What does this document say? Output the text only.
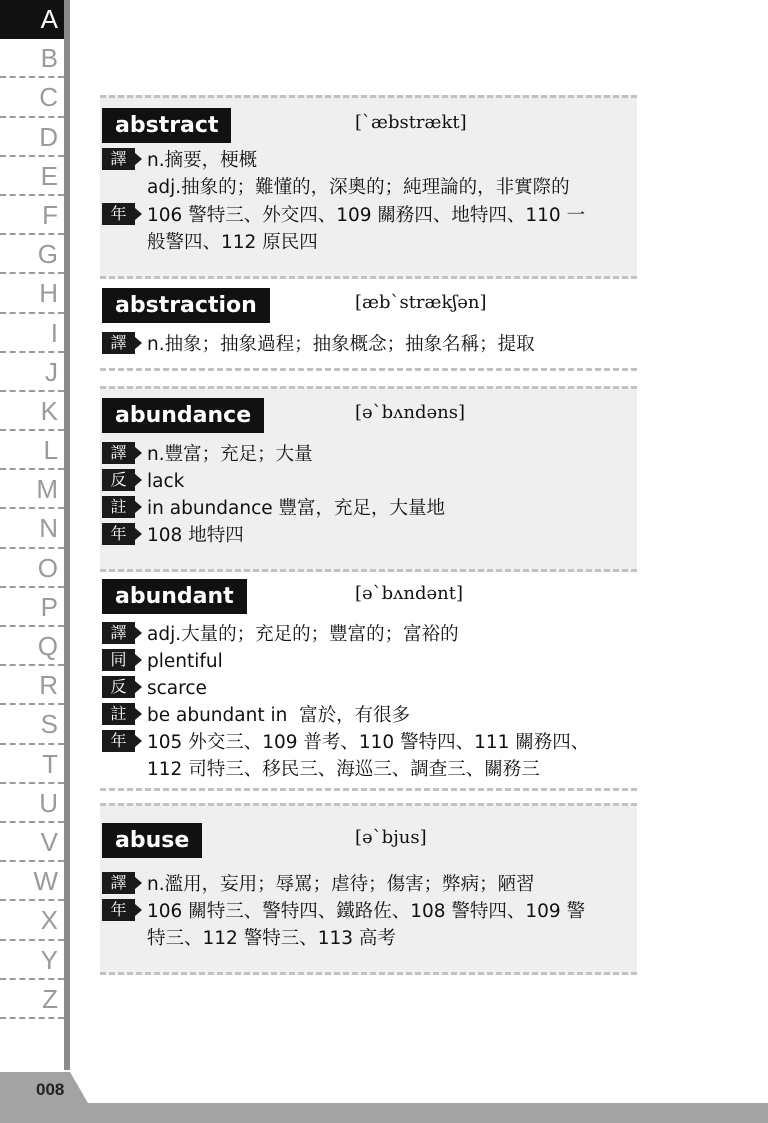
A
B
C
D
E
F
G
H
I
J
K
L
M
N
O
P
Q
R
S
T
U
V
W
X
Y
Z
abstract	[ˋæbstrækt]
譯	n.摘要，梗概
adj.抽象的；難懂的，深奧的；純理論的，非實際的
年	106 警特三、外交四、109 關務四、地特四、110 一
般警四、112 原民四
abstraction	[æbˋstrækʃən]
譯	n.抽象；抽象過程；抽象概念；抽象名稱；提取
abundance	[əˋbʌndəns]
譯	n.豐富；充足；大量
反	lack
註	in abundance 豐富，充足，大量地
年	108 地特四
abundant	[əˋbʌndənt]
譯	adj.大量的；充足的；豐富的；富裕的
同	plentiful
反	scarce
註	be abundant in  富於，有很多
年	105 外交三、109 普考、110 警特四、111 關務四、
112 司特三、移民三、海巡三、調查三、關務三
abuse	[əˋbjus]
譯	n.濫用，妄用；辱罵；虐待；傷害；弊病；陋習
年	106 關特三、警特四、鐵路佐、108 警特四、109 警
特三、112 警特三、113 高考
008
